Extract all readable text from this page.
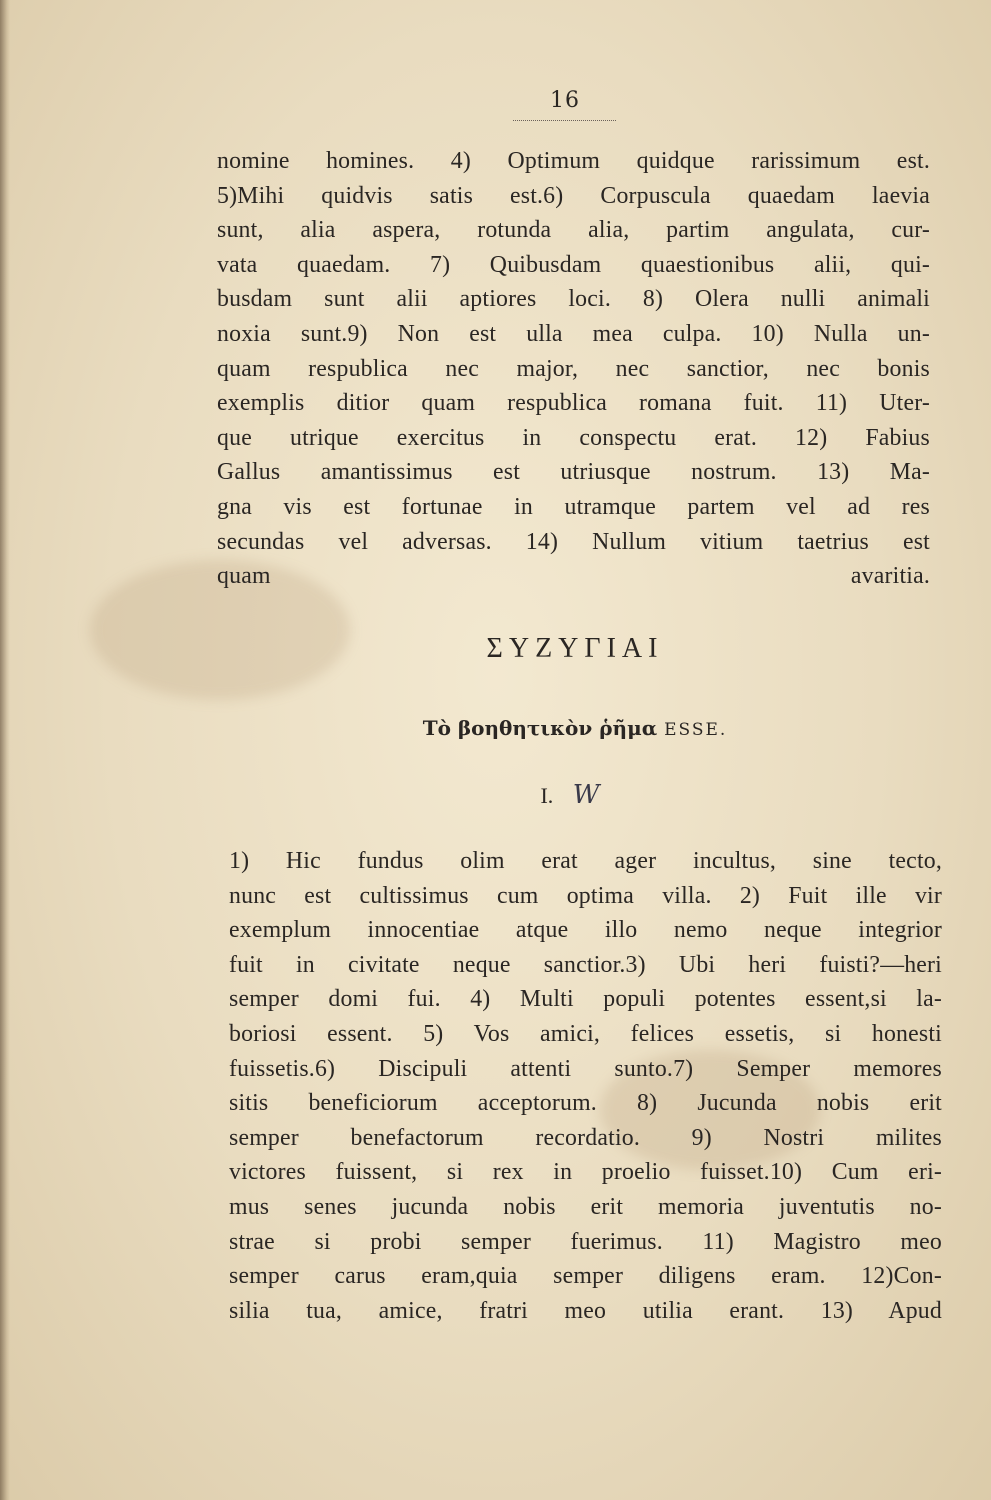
16
nomine homines. 4) Optimum quidque rarissimum est.
5)Mihi quidvis satis est.6) Corpuscula quaedam laevia
sunt, alia aspera, rotunda alia, partim angulata, cur-
vata quaedam. 7) Quibusdam quaestionibus alii, qui-
busdam sunt alii aptiores loci. 8) Olera nulli animali
noxia sunt.9) Non est ulla mea culpa. 10) Nulla un-
quam respublica nec major, nec sanctior, nec bonis
exemplis ditior quam respublica romana fuit. 11) Uter-
que utrique exercitus in conspectu erat. 12) Fabius
Gallus amantissimus est utriusque nostrum. 13) Ma-
gna vis est fortunae in utramque partem vel ad res
secundas vel adversas. 14) Nullum vitium taetrius est
quam avaritia.
ΣΥΖΥΓΙΑΙ
Τὸ βοηθητικὸν ῥῆμα ESSE.
I. W
1) Hic fundus olim erat ager incultus, sine tecto,
nunc est cultissimus cum optima villa. 2) Fuit ille vir
exemplum innocentiae atque illo nemo neque integrior
fuit in civitate neque sanctior.3) Ubi heri fuisti?—heri
semper domi fui. 4) Multi populi potentes essent,si la-
boriosi essent. 5) Vos amici, felices essetis, si honesti
fuissetis.6) Discipuli attenti sunto.7) Semper memores
sitis beneficiorum acceptorum. 8) Jucunda nobis erit
semper benefactorum recordatio. 9) Nostri milites
victores fuissent, si rex in proelio fuisset.10) Cum eri-
mus senes jucunda nobis erit memoria juventutis no-
strae si probi semper fuerimus. 11) Magistro meo
semper carus eram,quia semper diligens eram. 12)Con-
silia tua, amice, fratri meo utilia erant. 13) Apud
